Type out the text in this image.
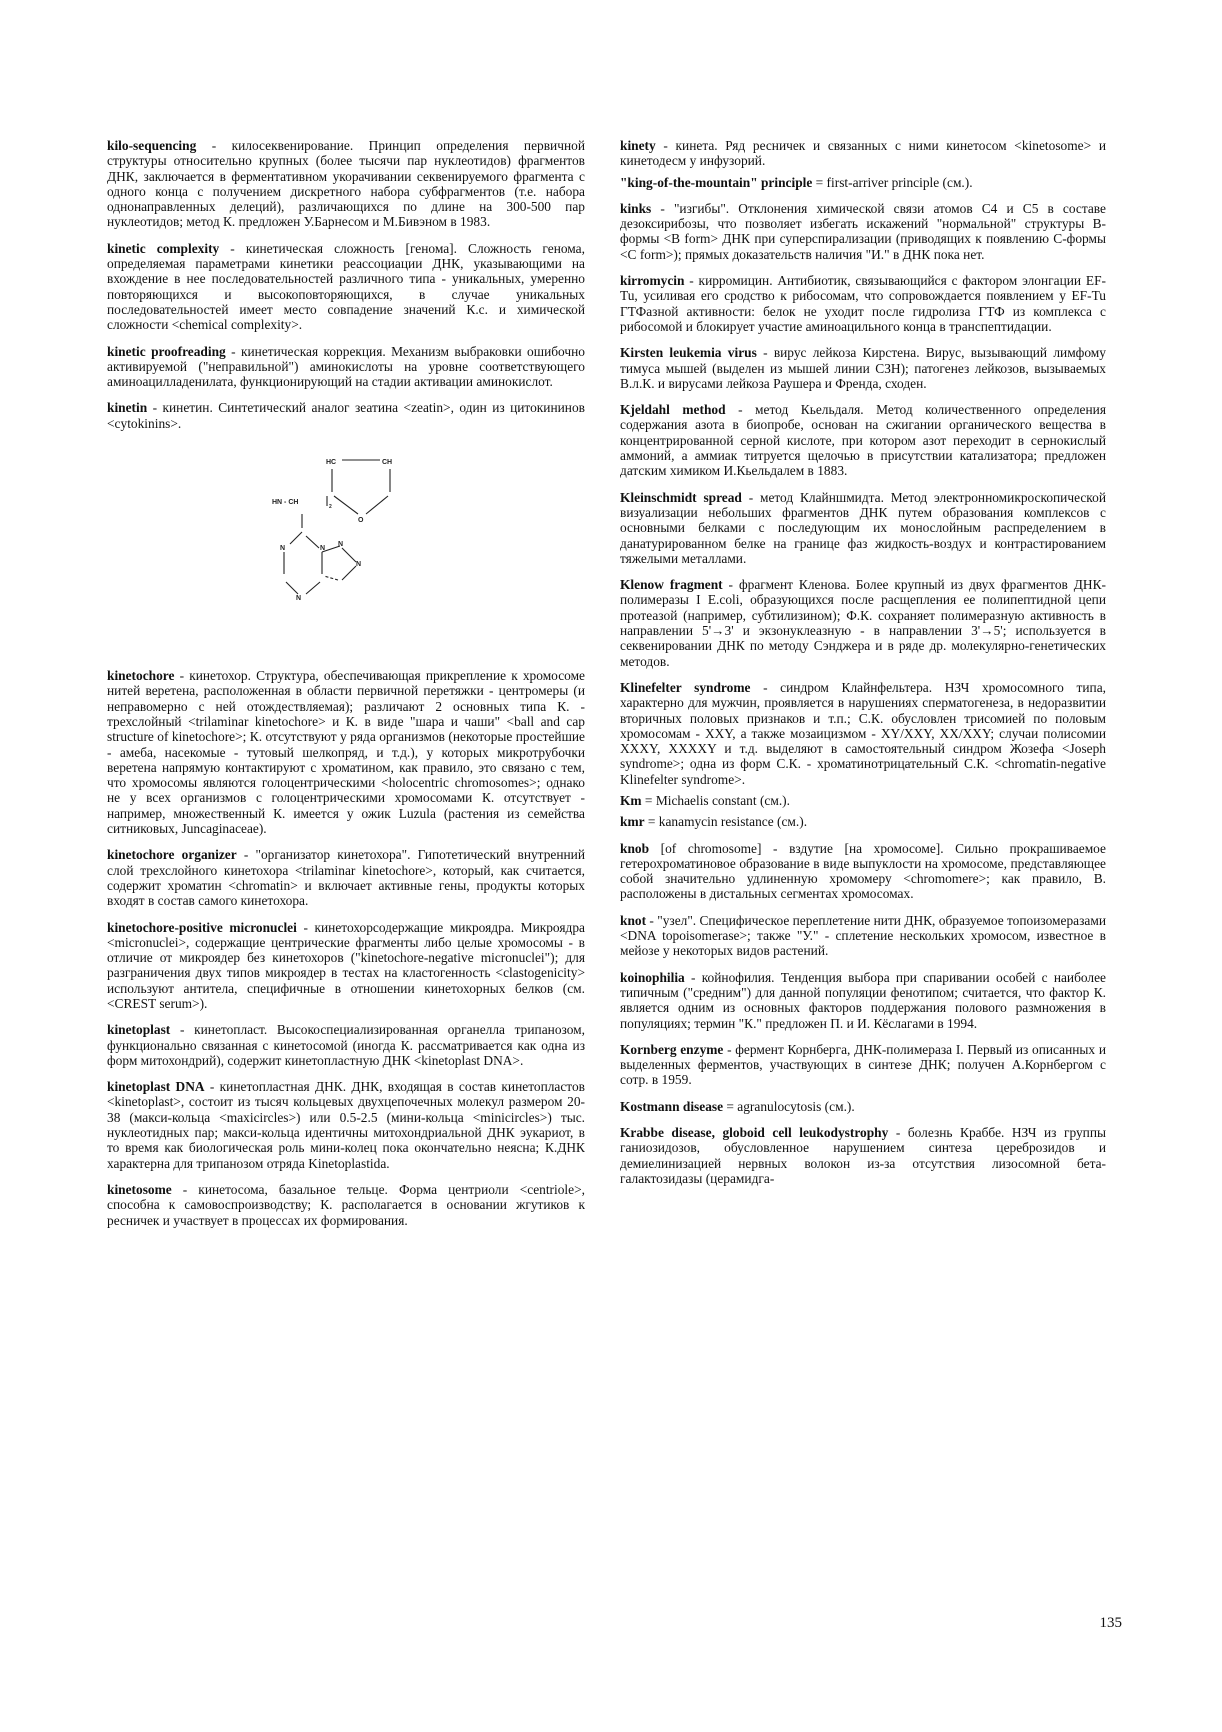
kilo-sequencing - килосеквенирование. Принцип определения первичной структуры относительно крупных (более тысячи пар нуклеотидов) фрагментов ДНК, заключается в ферментативном укорачивании секвенируемого фрагмента с одного конца с получением дискретного набора субфрагментов (т.е. набора однонаправленных делеций), различающихся по длине на 300-500 пар нуклеотидов; метод К. предложен У.Барнесом и М.Бивэном в 1983.
kinetic complexity - кинетическая сложность [генома]. Сложность генома, определяемая параметрами кинетики реассоциации ДНК, указывающими на вхождение в нее последовательностей различного типа - уникальных, умеренно повторяющихся и высокоповторяющихся, в случае уникальных последовательностей имеет место совпадение значений К.с. и химической сложности <chemical complexity>.
kinetic proofreading - кинетическая коррекция. Механизм выбраковки ошибочно активируемой ("неправильной") аминокислоты на уровне соответствующего аминоацилладенилата, функционирующий на стадии активации аминокислот.
kinetin - кинетин. Синтетический аналог зеатина <zeatin>, один из цитокининов <cytokinins>.
HC	CH
HN - CH
2
O
N	N
N
N
N
kinetochore - кинетохор. Структура, обеспечивающая прикрепление к хромосоме нитей веретена, расположенная в области первичной перетяжки - центромеры (и неправомерно с ней отождествляемая); различают 2 основных типа К. - трехслойный <trilaminar kinetochore> и К. в виде "шара и чаши" <ball and cap structure of kinetochore>; К. отсутствуют у ряда организмов (некоторые простейшие - амеба, насекомые - тутовый шелкопряд, и т.д.), у которых микротрубочки веретена напрямую контактируют с хроматином, как правило, это связано с тем, что хромосомы являются голоцентрическими <holocentric chromosomes>; однако не у всех организмов с голоцентрическими хромосомами К. отсутствует - например, множественный К. имеется у ожик Luzula (растения из семейства ситниковых, Juncaginaceae).
kinetochore organizer - "организатор кинетохора". Гипотетический внутренний слой трехслойного кинетохора <trilaminar kinetochore>, который, как считается, содержит хроматин <chromatin> и включает активные гены, продукты которых входят в состав самого кинетохора.
kinetochore-positive micronuclei - кинетохорсодержащие микроядра. Микроядра <micronuclei>, содержащие центрические фрагменты либо целые хромосомы - в отличие от микроядер без кинетохоров ("kinetochore-negative micronuclei"); для разграничения двух типов микроядер в тестах на кластогенность <clastogenicity> используют антитела, специфичные в отношении кинетохорных белков (см. <CREST serum>).
kinetoplast - кинетопласт. Высокоспециализированная органелла трипанозом, функционально связанная с кинетосомой (иногда К. рассматривается как одна из форм митохондрий), содержит кинетопластную ДНК <kinetoplast DNA>.
kinetoplast DNA - кинетопластная ДНК. ДНК, входящая в состав кинетопластов <kinetoplast>, состоит из тысяч кольцевых двухцепочечных молекул размером 20-38 (макси-кольца <maxicircles>) или 0.5-2.5 (мини-кольца <minicircles>) тыс. нуклеотидных пар; макси-кольца идентичны митохондриальной ДНК эукариот, в то время как биологическая роль мини-колец пока окончательно неясна; К.ДНК характерна для трипанозом отряда Kinetoplastida.
kinetosome - кинетосома, базальное тельце. Форма центриоли <centriole>, способна к самовоспроизводству; К. располагается в основании жгутиков к ресничек и участвует в процессах их формирования.
kinety - кинета. Ряд ресничек и связанных с ними кинетосом <kinetosome> и кинетодесм у инфузорий.
"king-of-the-mountain" principle = first-arriver principle (см.).
kinks - "изгибы". Отклонения химической связи атомов С4 и С5 в составе дезоксирибозы, что позволяет избегать искажений "нормальной" структуры В-формы <B form> ДНК при суперспирализации (приводящих к появлению С-формы <C form>); прямых доказательств наличия "И." в ДНК пока нет.
kirromycin - кирромицин. Антибиотик, связывающийся с фактором элонгации EF-Tu, усиливая его сродство к рибосомам, что сопровождается появлением у EF-Tu ГТФазной активности: белок не уходит после гидролиза ГТФ из комплекса с рибосомой и блокирует участие аминоацильного конца в транспептидации.
Kirsten leukemia virus - вирус лейкоза Кирстена. Вирус, вызывающий лимфому тимуса мышей (выделен из мышей линии СЗН); патогенез лейкозов, вызываемых В.л.К. и вирусами лейкоза Раушера и Френда, сходен.
Kjeldahl method - метод Кьельдаля. Метод количественного определения содержания азота в биопробе, основан на сжигании органического вещества в концентрированной серной кислоте, при котором азот переходит в сернокислый аммоний, а аммиак титруется щелочью в присутствии катализатора; предложен датским химиком И.Кьельдалем в 1883.
Kleinschmidt spread - метод Клайншмидта. Метод электронномикроскопической визуализации небольших фрагментов ДНК путем образования комплексов с основными белками с последующим их монослойным распределением в данатурированном белке на границе фаз жидкость-воздух и контрастированием тяжелыми металлами.
Klenow fragment - фрагмент Кленова. Более крупный из двух фрагментов ДНК-полимеразы I E.coli, образующихся после расщепления ее полипептидной цепи протеазой (например, субтилизином); Ф.К. сохраняет полимеразную активность в направлении 5'→3' и экзонуклеазную - в направлении 3'→5'; используется в секвенировании ДНК по методу Сэнджера и в ряде др. молекулярно-генетических методов.
Klinefelter syndrome - синдром Клайнфельтера. НЗЧ хромосомного типа, характерно для мужчин, проявляется в нарушениях сперматогенеза, в недоразвитии вторичных половых признаков и т.п.; С.К. обусловлен трисомией по половым хромосомам - XXY, а также мозаицизмом - XY/XXY, XX/XXY; случаи полисомии XXXY, XXXXY и т.д. выделяют в самостоятельный синдром Жозефа <Joseph syndrome>; одна из форм С.К. - хроматинотрицательный С.К. <chromatin-negative Klinefelter syndrome>.
Km = Michaelis constant (см.).
kmr = kanamycin resistance (см.).
knob [of chromosome] - вздутие [на хромосоме]. Сильно прокрашиваемое гетерохроматиновое образование в виде выпуклости на хромосоме, представляющее собой значительно удлиненную хромомеру <chromomere>; как правило, В. расположены в дистальных сегментах хромосомах.
knot - "узел". Специфическое переплетение нити ДНК, образуемое топоизомеразами <DNA topoisomerase>; также "У." - сплетение нескольких хромосом, известное в мейозе у некоторых видов растений.
koinophilia - койнофилия. Тенденция выбора при спаривании особей с наиболее типичным ("средним") для данной популяции фенотипом; считается, что фактор К. является одним из основных факторов поддержания полового размножения в популяциях; термин "К." предложен П. и И. Кёслагами в 1994.
Kornberg enzyme - фермент Корнберга, ДНК-полимераза I. Первый из описанных и выделенных ферментов, участвующих в синтезе ДНК; получен А.Корнбергом с сотр. в 1959.
Kostmann disease = agranulocytosis (см.).
Krabbe disease, globoid cell leukodystrophy - болезнь Краббе. НЗЧ из группы ганиозидозов, обусловленное нарушением синтеза цереброзидов и демиелинизацией нервных волокон из-за отсутствия лизосомной бета-галактозидазы (церамидга-
135
